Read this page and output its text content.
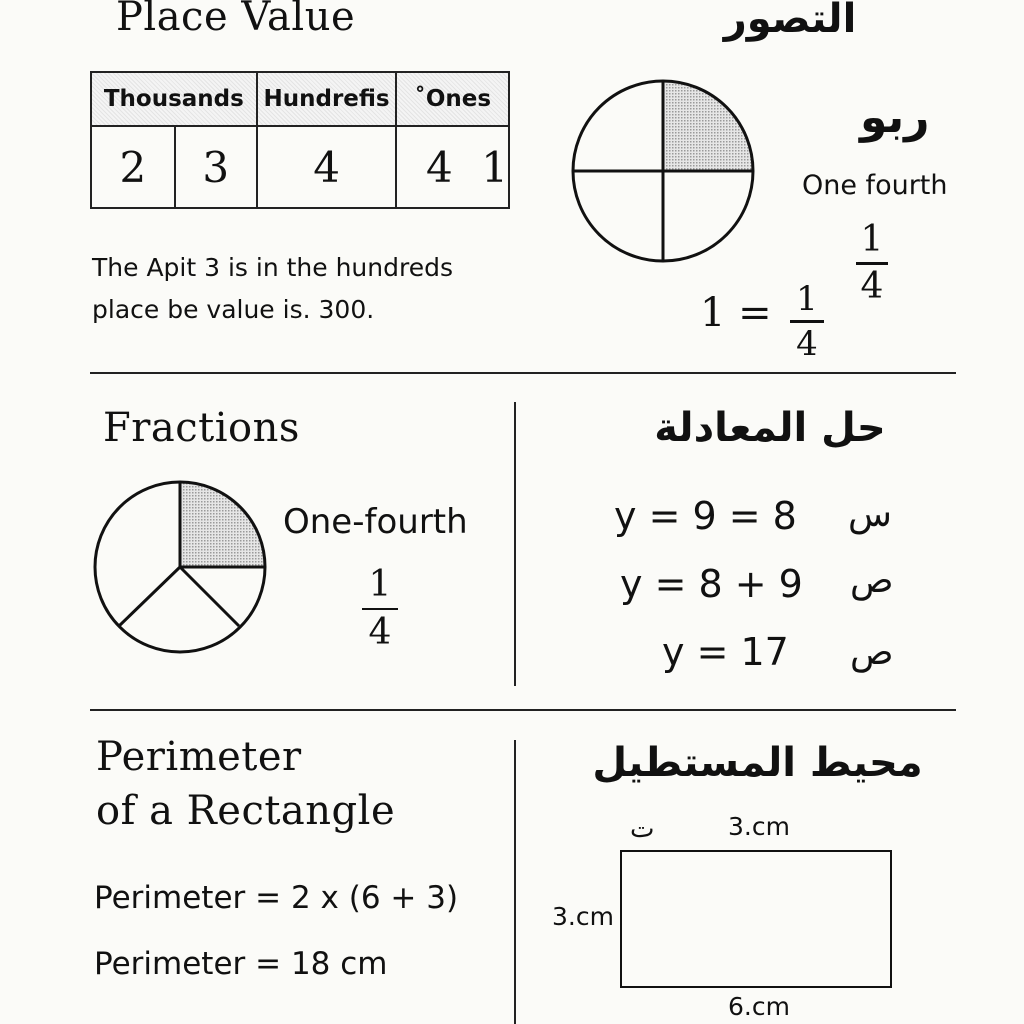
Place Value
Thousands		Hundrefis	˚Ones	
2	3	4	4	1
The Apit 3 is in the hundreds
place be value is. 300.
التصور
ربو
One fourth
1
4
1 = 1
4
Fractions
One-fourth
1
4
حل المعادلة
y = 9 = 8 س
y = 8 + 9 ص
y = 17 ص
Perimeter
of a Rectangle
Perimeter = 2 x (6 + 3)
Perimeter = 18 cm
محيط المستطيل
ت	3.cm
3.cm
6.cm
